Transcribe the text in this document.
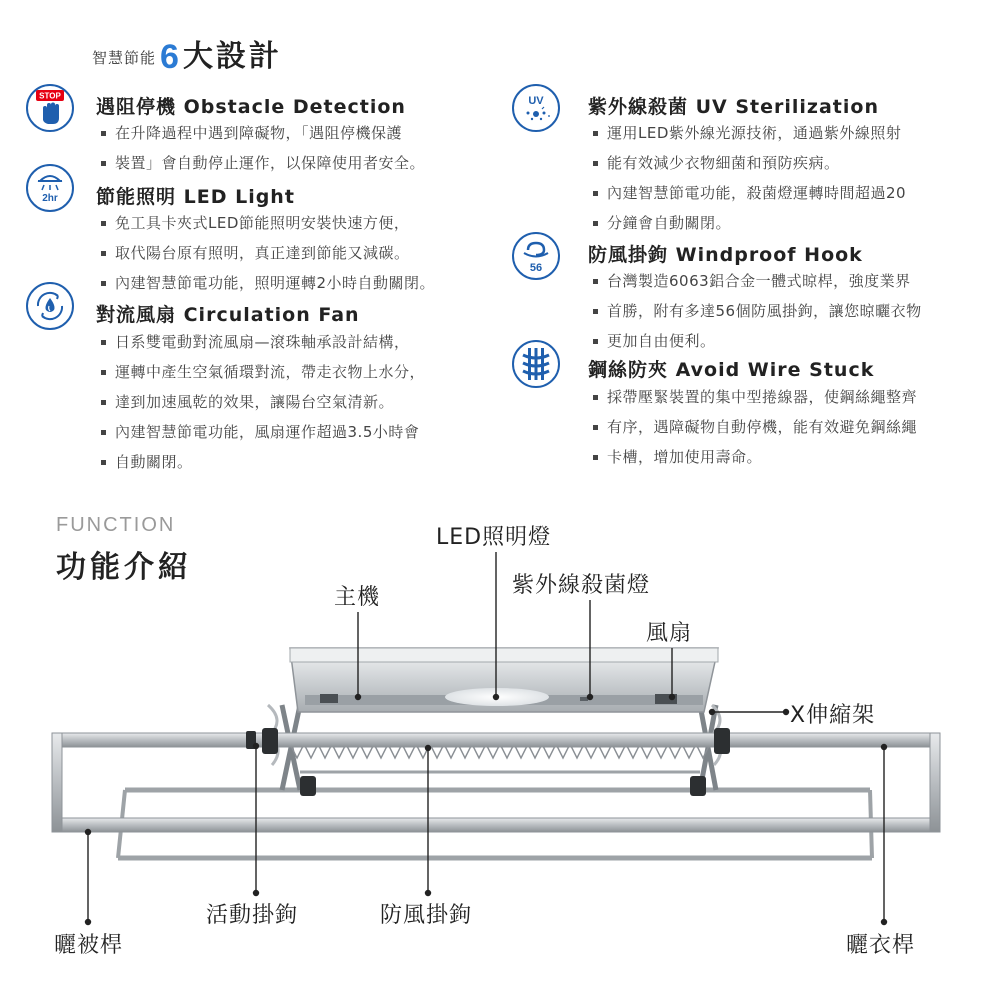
智慧節能 6 大設計
STOP 遇阻停機 Obstacle Detection
在升降過程中遇到障礙物，「遇阻停機保護
裝置」會自動停止運作，以保障使用者安全。
2hr 節能照明 LED Light
免工具卡夾式LED節能照明安裝快速方便，
取代陽台原有照明，真正達到節能又減碳。
內建智慧節電功能，照明運轉2小時自動關閉。
對流風扇 Circulation Fan
日系雙電動對流風扇—滾珠軸承設計結構，
運轉中產生空氣循環對流，帶走衣物上水分，
達到加速風乾的效果，讓陽台空氣清新。
內建智慧節電功能，風扇運作超過3.5小時會
自動關閉。
UV 紫外線殺菌 UV Sterilization
運用LED紫外線光源技術，通過紫外線照射
能有效減少衣物細菌和預防疾病。
內建智慧節電功能，殺菌燈運轉時間超過20
分鐘會自動關閉。
56
防風掛鉤 Windproof Hook
台灣製造6063鋁合金一體式晾桿，強度業界
首勝，附有多達56個防風掛鉤，讓您晾曬衣物
更加自由便利。
鋼絲防夾 Avoid Wire Stuck
採帶壓緊裝置的集中型捲線器，使鋼絲繩整齊
有序，遇障礙物自動停機，能有效避免鋼絲繩
卡槽，增加使用壽命。
FUNCTION
功能介紹
LED照明燈
主機	紫外線殺菌燈
風扇
X伸縮架
活動掛鉤	防風掛鉤
曬被桿	曬衣桿
